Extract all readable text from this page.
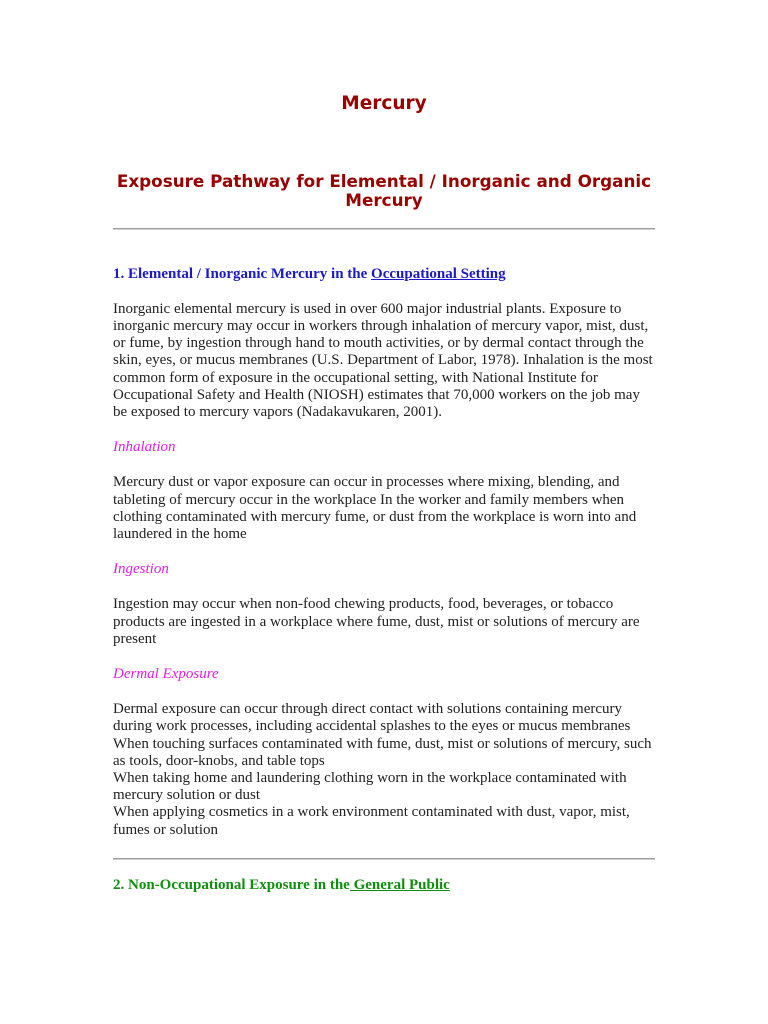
Mercury
Exposure Pathway for Elemental / Inorganic and Organic
Mercury
1. Elemental / Inorganic Mercury in the Occupational Setting
Inorganic elemental mercury is used in over 600 major industrial plants. Exposure to
inorganic mercury may occur in workers through inhalation of mercury vapor, mist, dust,
or fume, by ingestion through hand to mouth activities, or by dermal contact through the
skin, eyes, or mucus membranes (U.S. Department of Labor, 1978). Inhalation is the most
common form of exposure in the occupational setting, with National Institute for
Occupational Safety and Health (NIOSH) estimates that 70,000 workers on the job may
be exposed to mercury vapors (Nadakavukaren, 2001).
Inhalation
Mercury dust or vapor exposure can occur in processes where mixing, blending, and
tableting of mercury occur in the workplace In the worker and family members when
clothing contaminated with mercury fume, or dust from the workplace is worn into and
laundered in the home
Ingestion
Ingestion may occur when non-food chewing products, food, beverages, or tobacco
products are ingested in a workplace where fume, dust, mist or solutions of mercury are
present
Dermal Exposure
Dermal exposure can occur through direct contact with solutions containing mercury
during work processes, including accidental splashes to the eyes or mucus membranes
When touching surfaces contaminated with fume, dust, mist or solutions of mercury, such
as tools, door-knobs, and table tops
When taking home and laundering clothing worn in the workplace contaminated with
mercury solution or dust
When applying cosmetics in a work environment contaminated with dust, vapor, mist,
fumes or solution
2. Non-Occupational Exposure in the General Public
